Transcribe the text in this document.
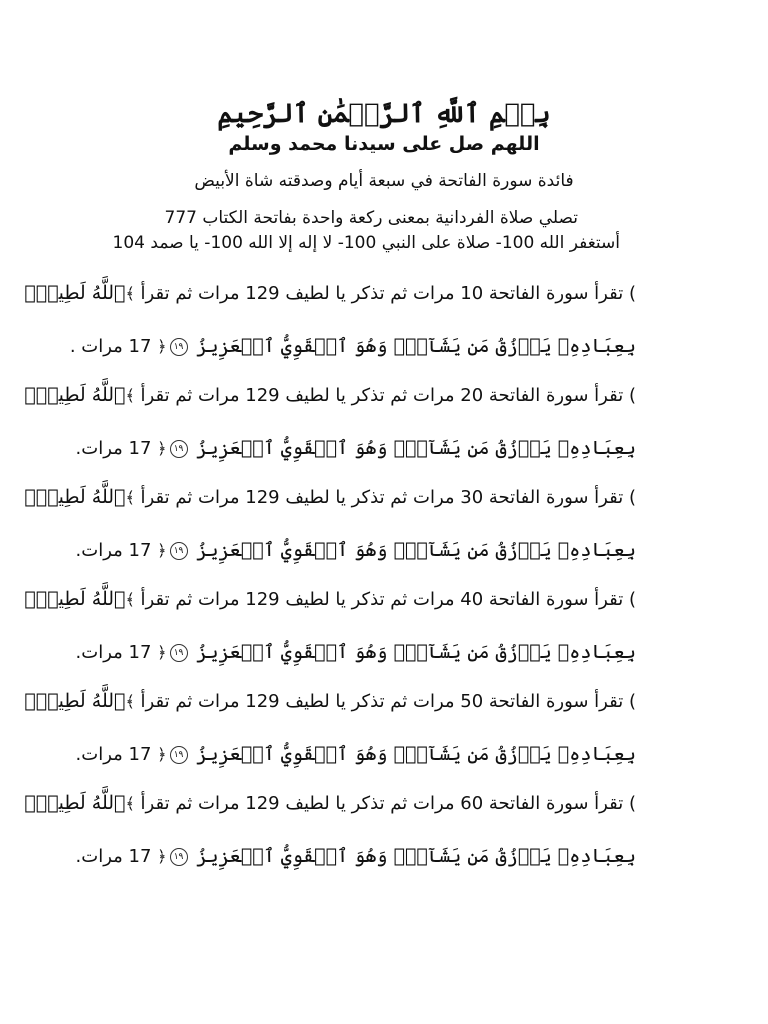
بِسۡمِ ٱللَّهِ ٱلرَّحۡمَٰنِ ٱلرَّحِيمِ
اللهم صل على سيدنا محمد وسلم
فائدة سورة الفاتحة في سبعة أيام وصدقته شاة الأبيض
تصلي صلاة الفردانية بمعنى ركعة واحدة بفاتحة الكتاب 777
أستغفر الله 100- صلاة على النبي 100- لا إله إلا الله 100- يا صمد 104
) تقرأ سورة الفاتحة 10 مرات ثم تذكر يا لطيف 129 مرات ثم تقرأ ﴾ٱللَّهُ لَطِيفُۢ
بِعِبَادِهِۦ يَرۡزُقُ مَن يَشَآءُۖ وَهُوَ ٱلۡقَوِيُّ ٱلۡعَزِيزُ ١٩﴿ 17 مرات .
) تقرأ سورة الفاتحة 20 مرات ثم تذكر يا لطيف 129 مرات ثم تقرأ ﴾ٱللَّهُ لَطِيفُۢ
بِعِبَادِهِۦ يَرۡزُقُ مَن يَشَآءُۖ وَهُوَ ٱلۡقَوِيُّ ٱلۡعَزِيزُ ١٩﴿ 17 مرات.
) تقرأ سورة الفاتحة 30 مرات ثم تذكر يا لطيف 129 مرات ثم تقرأ ﴾ٱللَّهُ لَطِيفُۢ
بِعِبَادِهِۦ يَرۡزُقُ مَن يَشَآءُۖ وَهُوَ ٱلۡقَوِيُّ ٱلۡعَزِيزُ ١٩﴿ 17 مرات.
) تقرأ سورة الفاتحة 40 مرات ثم تذكر يا لطيف 129 مرات ثم تقرأ ﴾ٱللَّهُ لَطِيفُۢ
بِعِبَادِهِۦ يَرۡزُقُ مَن يَشَآءُۖ وَهُوَ ٱلۡقَوِيُّ ٱلۡعَزِيزُ ١٩﴿ 17 مرات.
) تقرأ سورة الفاتحة 50 مرات ثم تذكر يا لطيف 129 مرات ثم تقرأ ﴾ٱللَّهُ لَطِيفُۢ
بِعِبَادِهِۦ يَرۡزُقُ مَن يَشَآءُۖ وَهُوَ ٱلۡقَوِيُّ ٱلۡعَزِيزُ ١٩﴿ 17 مرات.
) تقرأ سورة الفاتحة 60 مرات ثم تذكر يا لطيف 129 مرات ثم تقرأ ﴾ٱللَّهُ لَطِيفُۢ
بِعِبَادِهِۦ يَرۡزُقُ مَن يَشَآءُۖ وَهُوَ ٱلۡقَوِيُّ ٱلۡعَزِيزُ ١٩﴿ 17 مرات.
